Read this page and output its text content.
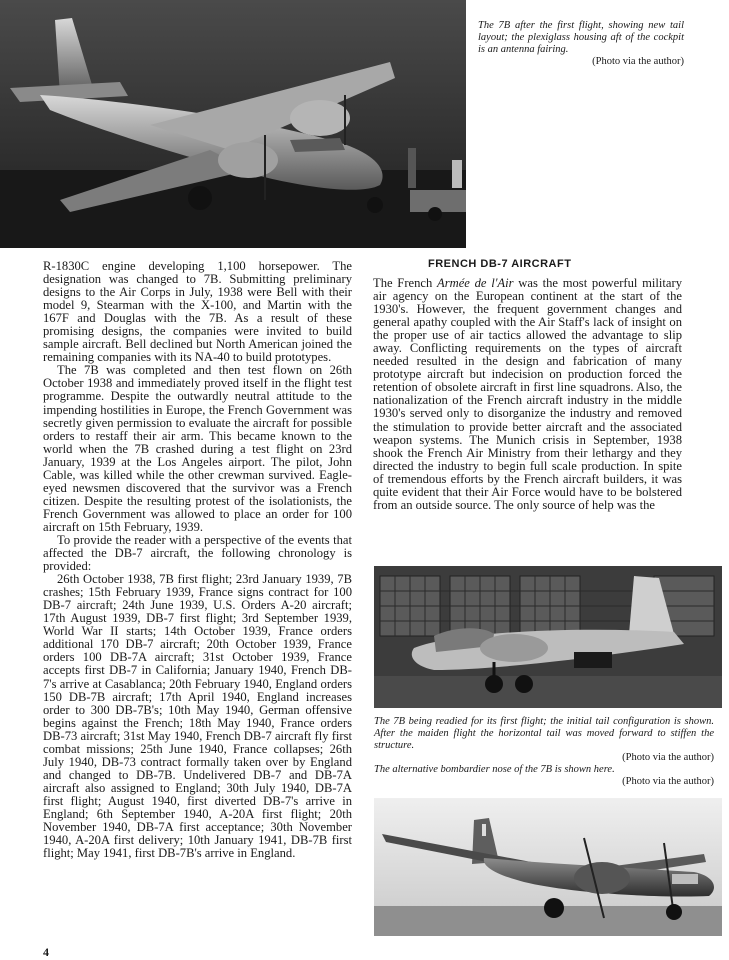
The 7B after the first flight, showing new tail layout; the plexiglass housing aft of the cockpit is an antenna fairing.
(Photo via the author)

R-1830C engine developing 1,100 horsepower. The designation was changed to 7B. Submitting preliminary designs to the Air Corps in July, 1938 were Bell with their model 9, Stearman with the X-100, and Martin with the 167F and Douglas with the 7B. As a result of these promising designs, the companies were invited to build sample aircraft. Bell declined but North American joined the remaining companies with its NA-40 to build prototypes.

The 7B was completed and then test flown on 26th October 1938 and immediately proved itself in the flight test programme. Despite the outwardly neutral attitude to the impending hostilities in Europe, the French Government was secretly given permission to evaluate the aircraft for possible orders to restaff their air arm. This became known to the world when the 7B crashed during a test flight on 23rd January, 1939 at the Los Angeles airport. The pilot, John Cable, was killed while the other crewman survived. Eagle-eyed newsmen discovered that the survivor was a French citizen. Despite the resulting protest of the isolationists, the French Government was allowed to place an order for 100 aircraft on 15th February, 1939.

To provide the reader with a perspective of the events that affected the DB-7 aircraft, the following chronology is provided:

26th October 1938, 7B first flight; 23rd January 1939, 7B crashes; 15th February 1939, France signs contract for 100 DB-7 aircraft; 24th June 1939, U.S. Orders A-20 aircraft; 17th August 1939, DB-7 first flight; 3rd September 1939, World War II starts; 14th October 1939, France orders additional 170 DB-7 aircraft; 20th October 1939, France orders 100 DB-7A aircraft; 31st October 1939, France accepts first DB-7 in California; January 1940, French DB-7's arrive at Casablanca; 20th February 1940, England orders 150 DB-7B aircraft; 17th April 1940, England increases order to 300 DB-7B's; 10th May 1940, German offensive begins against the French; 18th May 1940, France orders DB-73 aircraft; 31st May 1940, French DB-7 aircraft fly first combat missions; 25th June 1940, France collapses; 26th July 1940, DB-73 contract formally taken over by England and changed to DB-7B. Undelivered DB-7 and DB-7A aircraft also assigned to England; 30th July 1940, DB-7A first flight; August 1940, first diverted DB-7's arrive in England; 6th September 1940, A-20A first flight; 20th November 1940, DB-7A first acceptance; 30th November 1940, A-20A first delivery; 10th January 1941, DB-7B first flight; May 1941, first DB-7B's arrive in England.

4
FRENCH DB-7 AIRCRAFT

The French Armée de l'Air was the most powerful military air agency on the European continent at the start of the 1930's. However, the frequent government changes and general apathy coupled with the Air Staff's lack of insight on the proper use of air tactics allowed the advantage to slip away. Conflicting requirements on the types of aircraft needed resulted in the design and fabrication of many prototype aircraft but indecision on production forced the retention of obsolete aircraft in first line squadrons. Also, the nationalization of the French aircraft industry in the middle 1930's served only to disorganize the industry and removed the stimulation to provide better aircraft and the associated weapon systems. The Munich crisis in September, 1938 shook the French Air Ministry from their lethargy and they directed the industry to begin full scale production. In spite of tremendous efforts by the French aircraft builders, it was quite evident that their Air Force would have to be bolstered from an outside source. The only source of help was the

The 7B being readied for its first flight; the initial tail configuration is shown. After the maiden flight the horizontal tail was moved forward to stiffen the structure.
(Photo via the author)
The alternative bombardier nose of the 7B is shown here.
(Photo via the author)
